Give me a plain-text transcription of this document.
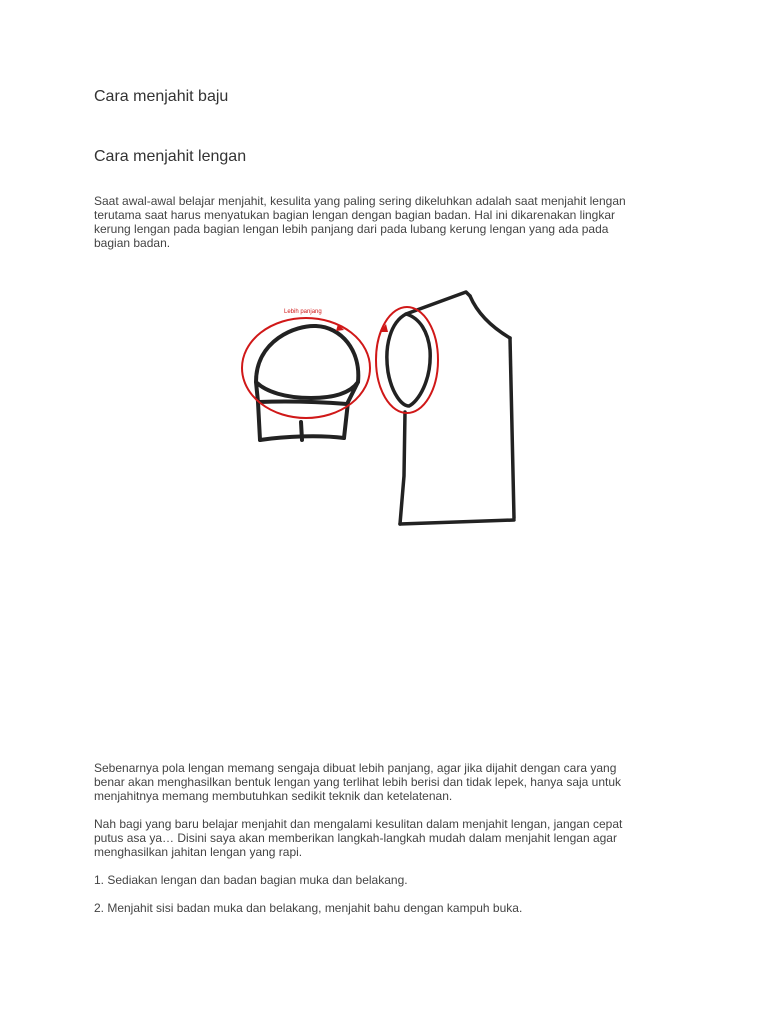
Cara menjahit baju
Cara menjahit lengan

Saat awal-awal belajar menjahit, kesulita yang paling sering dikeluhkan adalah saat menjahit lengan
terutama saat harus menyatukan bagian lengan dengan bagian badan. Hal ini dikarenakan lingkar
kerung lengan pada bagian lengan lebih panjang dari pada lubang kerung lengan yang ada pada
bagian badan.

Lebih panjang

Sebenarnya pola lengan memang sengaja dibuat lebih panjang, agar jika dijahit dengan cara yang
benar akan menghasilkan bentuk lengan yang terlihat lebih berisi dan tidak lepek, hanya saja untuk
menjahitnya memang membutuhkan sedikit teknik dan ketelatenan.

Nah bagi yang baru belajar menjahit dan mengalami kesulitan dalam menjahit lengan, jangan cepat
putus asa ya… Disini saya akan memberikan langkah-langkah mudah dalam menjahit lengan agar
menghasilkan jahitan lengan yang rapi.

1. Sediakan lengan dan badan bagian muka dan belakang.

2. Menjahit sisi badan muka dan belakang, menjahit bahu dengan kampuh buka.
